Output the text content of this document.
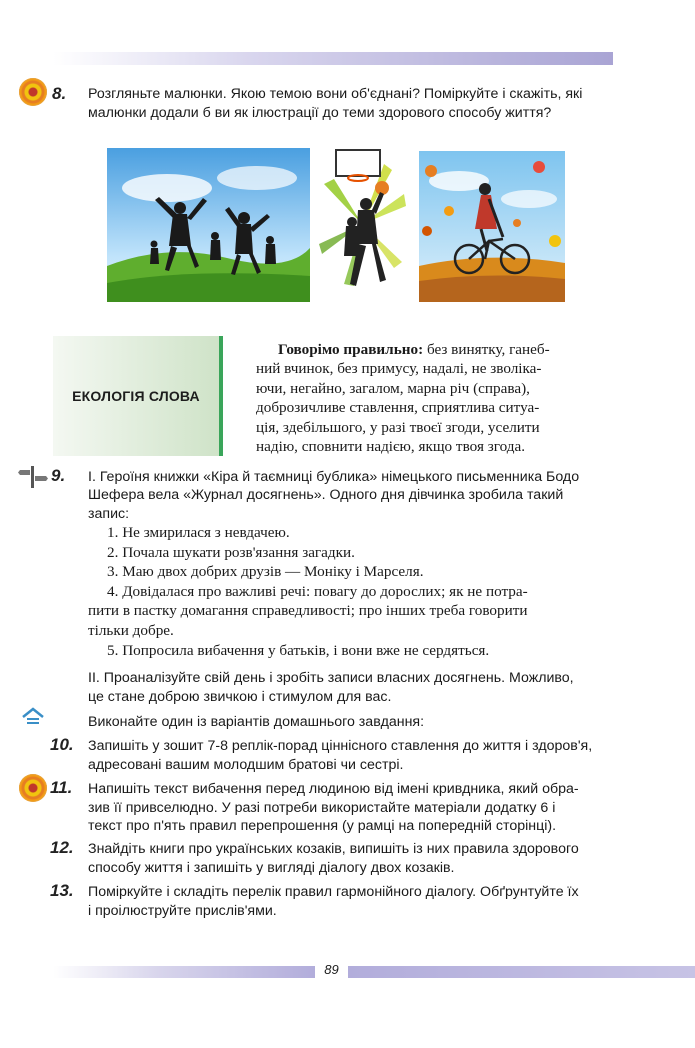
8. Розгляньте малюнки. Якою темою вони об'єднані? Поміркуйте і скажіть, які
малюнки додали б ви як ілюстрації до теми здорового способу життя?
ЕКОЛОГІЯ СЛОВА
Говорімо правильно: без винятку, ганеб-
ний вчинок, без примусу, надалі, не зволіка-
ючи, негайно, загалом, марна річ (справа),
доброзичливе ставлення, сприятлива ситуа-
ція, здебільшого, у разі твоєї згоди, уселити
надію, сповнити надією, якщо твоя згода.
9. І. Героїня книжки «Кіра й таємниці бублика» німецького письменника Бодо
Шефера вела «Журнал досягнень». Одного дня дівчинка зробила такий
запис:
1. Не змирилася з невдачею.
2. Почала шукати розв'язання загадки.
3. Маю двох добрих друзів — Моніку і Марселя.
4. Довідалася про важливі речі: повагу до дорослих; як не потра-
пити в пастку домагання справедливості; про інших треба говорити
тільки добре.
5. Попросила вибачення у батьків, і вони вже не сердяться.
ІІ. Проаналізуйте свій день і зробіть записи власних досягнень. Можливо,
це стане доброю звичкою і стимулом для вас.
Виконайте один із варіантів домашнього завдання:
10. Запишіть у зошит 7-8 реплік-порад ціннісного ставлення до життя і здоров'я,
адресовані вашим молодшим братові чи сестрі.
11. Напишіть текст вибачення перед людиною від імені кривдника, який обра-
зив її привселюдно. У разі потреби використайте матеріали додатку 6 і
текст про п'ять правил перепрошення (у рамці на попередній сторінці).
12. Знайдіть книги про українських козаків, випишіть із них правила здорового
способу життя і запишіть у вигляді діалогу двох козаків.
13. Поміркуйте і складіть перелік правил гармонійного діалогу. Обґрунтуйте їх
і проілюструйте прислів'ями.
89
